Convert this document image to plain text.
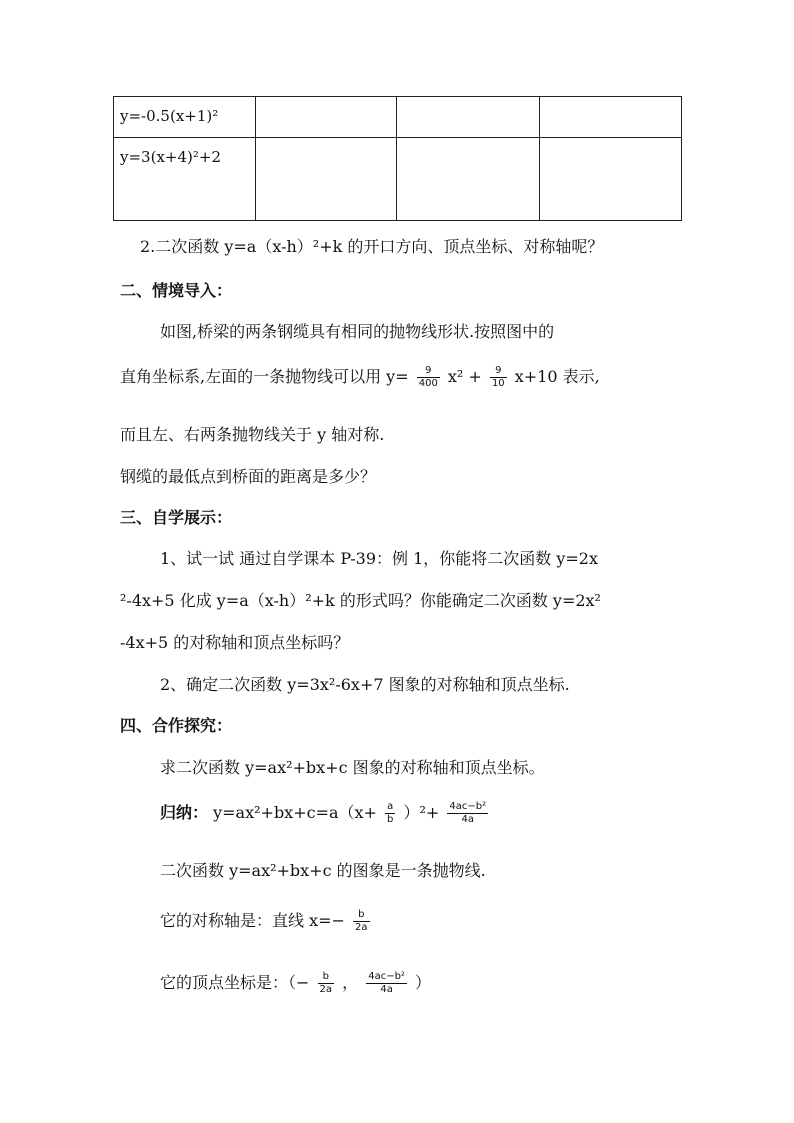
y=-0.5(x+1)²			
y=3(x+4)²+2			
2.二次函数 y=a（x-h）²+k 的开口方向、顶点坐标、对称轴呢？
二、情境导入：
如图,桥梁的两条钢缆具有相同的抛物线形状.按照图中的
直角坐标系,左面的一条抛物线可以用 $y= \frac{9}{400} x^2 + \frac{9}{10} x+10$ 表示,
而且左、右两条抛物线关于 y 轴对称.
钢缆的最低点到桥面的距离是多少？
三、自学展示：
1、试一试 通过自学课本 P-39：例 1，你能将二次函数 y=2x
²-4x+5 化成 y=a（x-h）²+k 的形式吗？你能确定二次函数 y=2x²
-4x+5 的对称轴和顶点坐标吗？
2、确定二次函数 y=3x²-6x+7 图象的对称轴和顶点坐标.
四、合作探究：
求二次函数 y=ax²+bx+c 图象的对称轴和顶点坐标。
归纳： $y=ax^2+bx+c=a(x+ \frac{a}{b} )^2+ \frac{\text{4ac−b²}}{4a}$
二次函数 y=ax²+bx+c 的图象是一条抛物线.
它的对称轴是：直线 $x=- \frac{b}{2a}$
它的顶点坐标是：（− $\frac{b}{2a}$ ， $\frac{\text{4ac−b²}}{4a}$ ）
